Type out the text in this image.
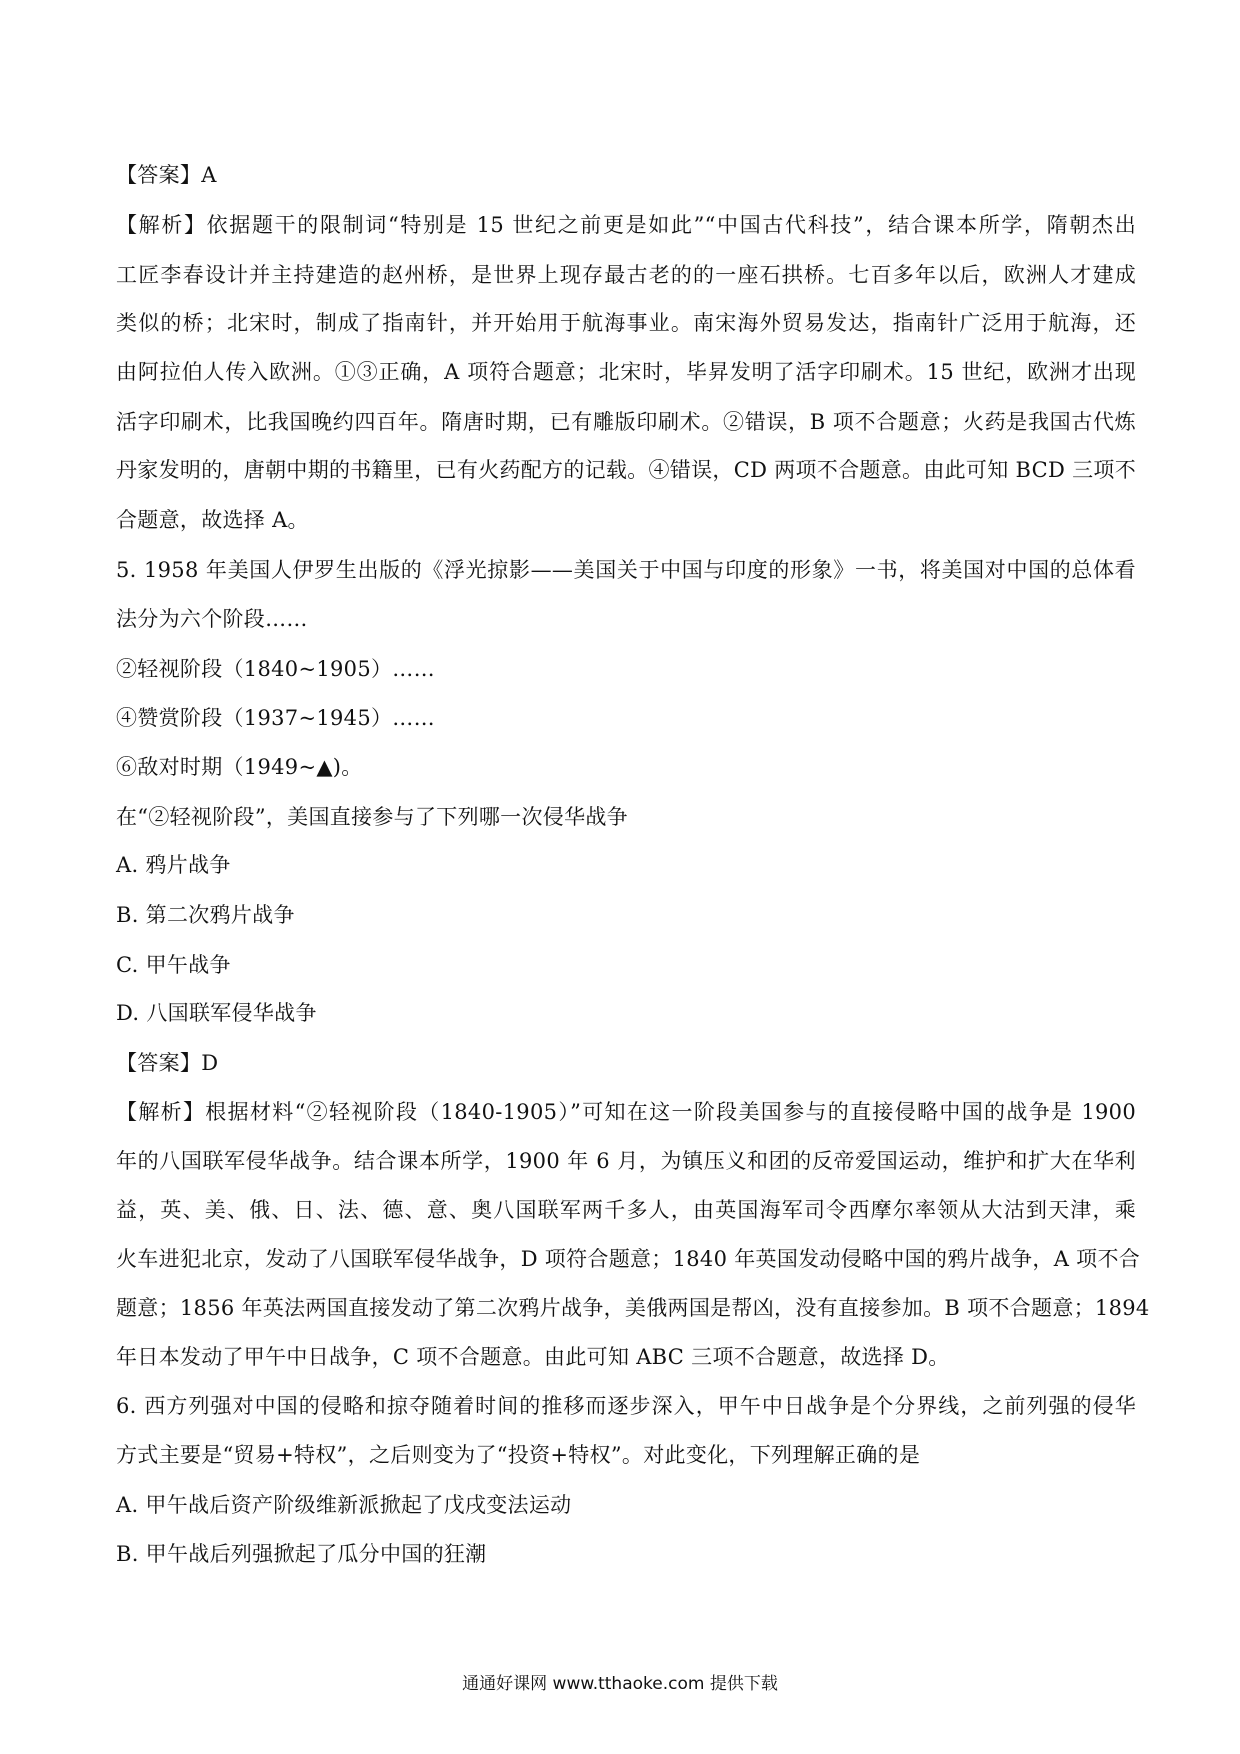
【答案】A
【解析】依据题干的限制词“特别是 15 世纪之前更是如此”“中国古代科技”，结合课本所学，隋朝杰出
工匠李春设计并主持建造的赵州桥，是世界上现存最古老的的一座石拱桥。七百多年以后，欧洲人才建成
类似的桥；北宋时，制成了指南针，并开始用于航海事业。南宋海外贸易发达，指南针广泛用于航海，还
由阿拉伯人传入欧洲。①③正确，A 项符合题意；北宋时，毕昇发明了活字印刷术。15 世纪，欧洲才出现
活字印刷术，比我国晚约四百年。隋唐时期，已有雕版印刷术。②错误，B 项不合题意；火药是我国古代炼
丹家发明的，唐朝中期的书籍里，已有火药配方的记载。④错误，CD 两项不合题意。由此可知 BCD 三项不
合题意，故选择 A。
5. 1958 年美国人伊罗生出版的《浮光掠影——美国关于中国与印度的形象》一书，将美国对中国的总体看
法分为六个阶段……
②轻视阶段（1840~1905）……
④赞赏阶段（1937~1945）……
⑥敌对时期（1949~▲)。
在“②轻视阶段”，美国直接参与了下列哪一次侵华战争
A. 鸦片战争
B. 第二次鸦片战争
C. 甲午战争
D. 八国联军侵华战争
【答案】D
【解析】根据材料“②轻视阶段（1840-1905）”可知在这一阶段美国参与的直接侵略中国的战争是 1900
年的八国联军侵华战争。结合课本所学，1900 年 6 月，为镇压义和团的反帝爱国运动，维护和扩大在华利
益，英、美、俄、日、法、德、意、奥八国联军两千多人，由英国海军司令西摩尔率领从大沽到天津，乘
火车进犯北京，发动了八国联军侵华战争，D 项符合题意；1840 年英国发动侵略中国的鸦片战争，A 项不合
题意；1856 年英法两国直接发动了第二次鸦片战争，美俄两国是帮凶，没有直接参加。B 项不合题意；1894
年日本发动了甲午中日战争，C 项不合题意。由此可知 ABC 三项不合题意，故选择 D。
6. 西方列强对中国的侵略和掠夺随着时间的推移而逐步深入，甲午中日战争是个分界线，之前列强的侵华
方式主要是“贸易+特权”，之后则变为了“投资+特权”。对此变化，下列理解正确的是
A. 甲午战后资产阶级维新派掀起了戊戌变法运动
B. 甲午战后列强掀起了瓜分中国的狂潮
通通好课网 www.tthaoke.com 提供下载
